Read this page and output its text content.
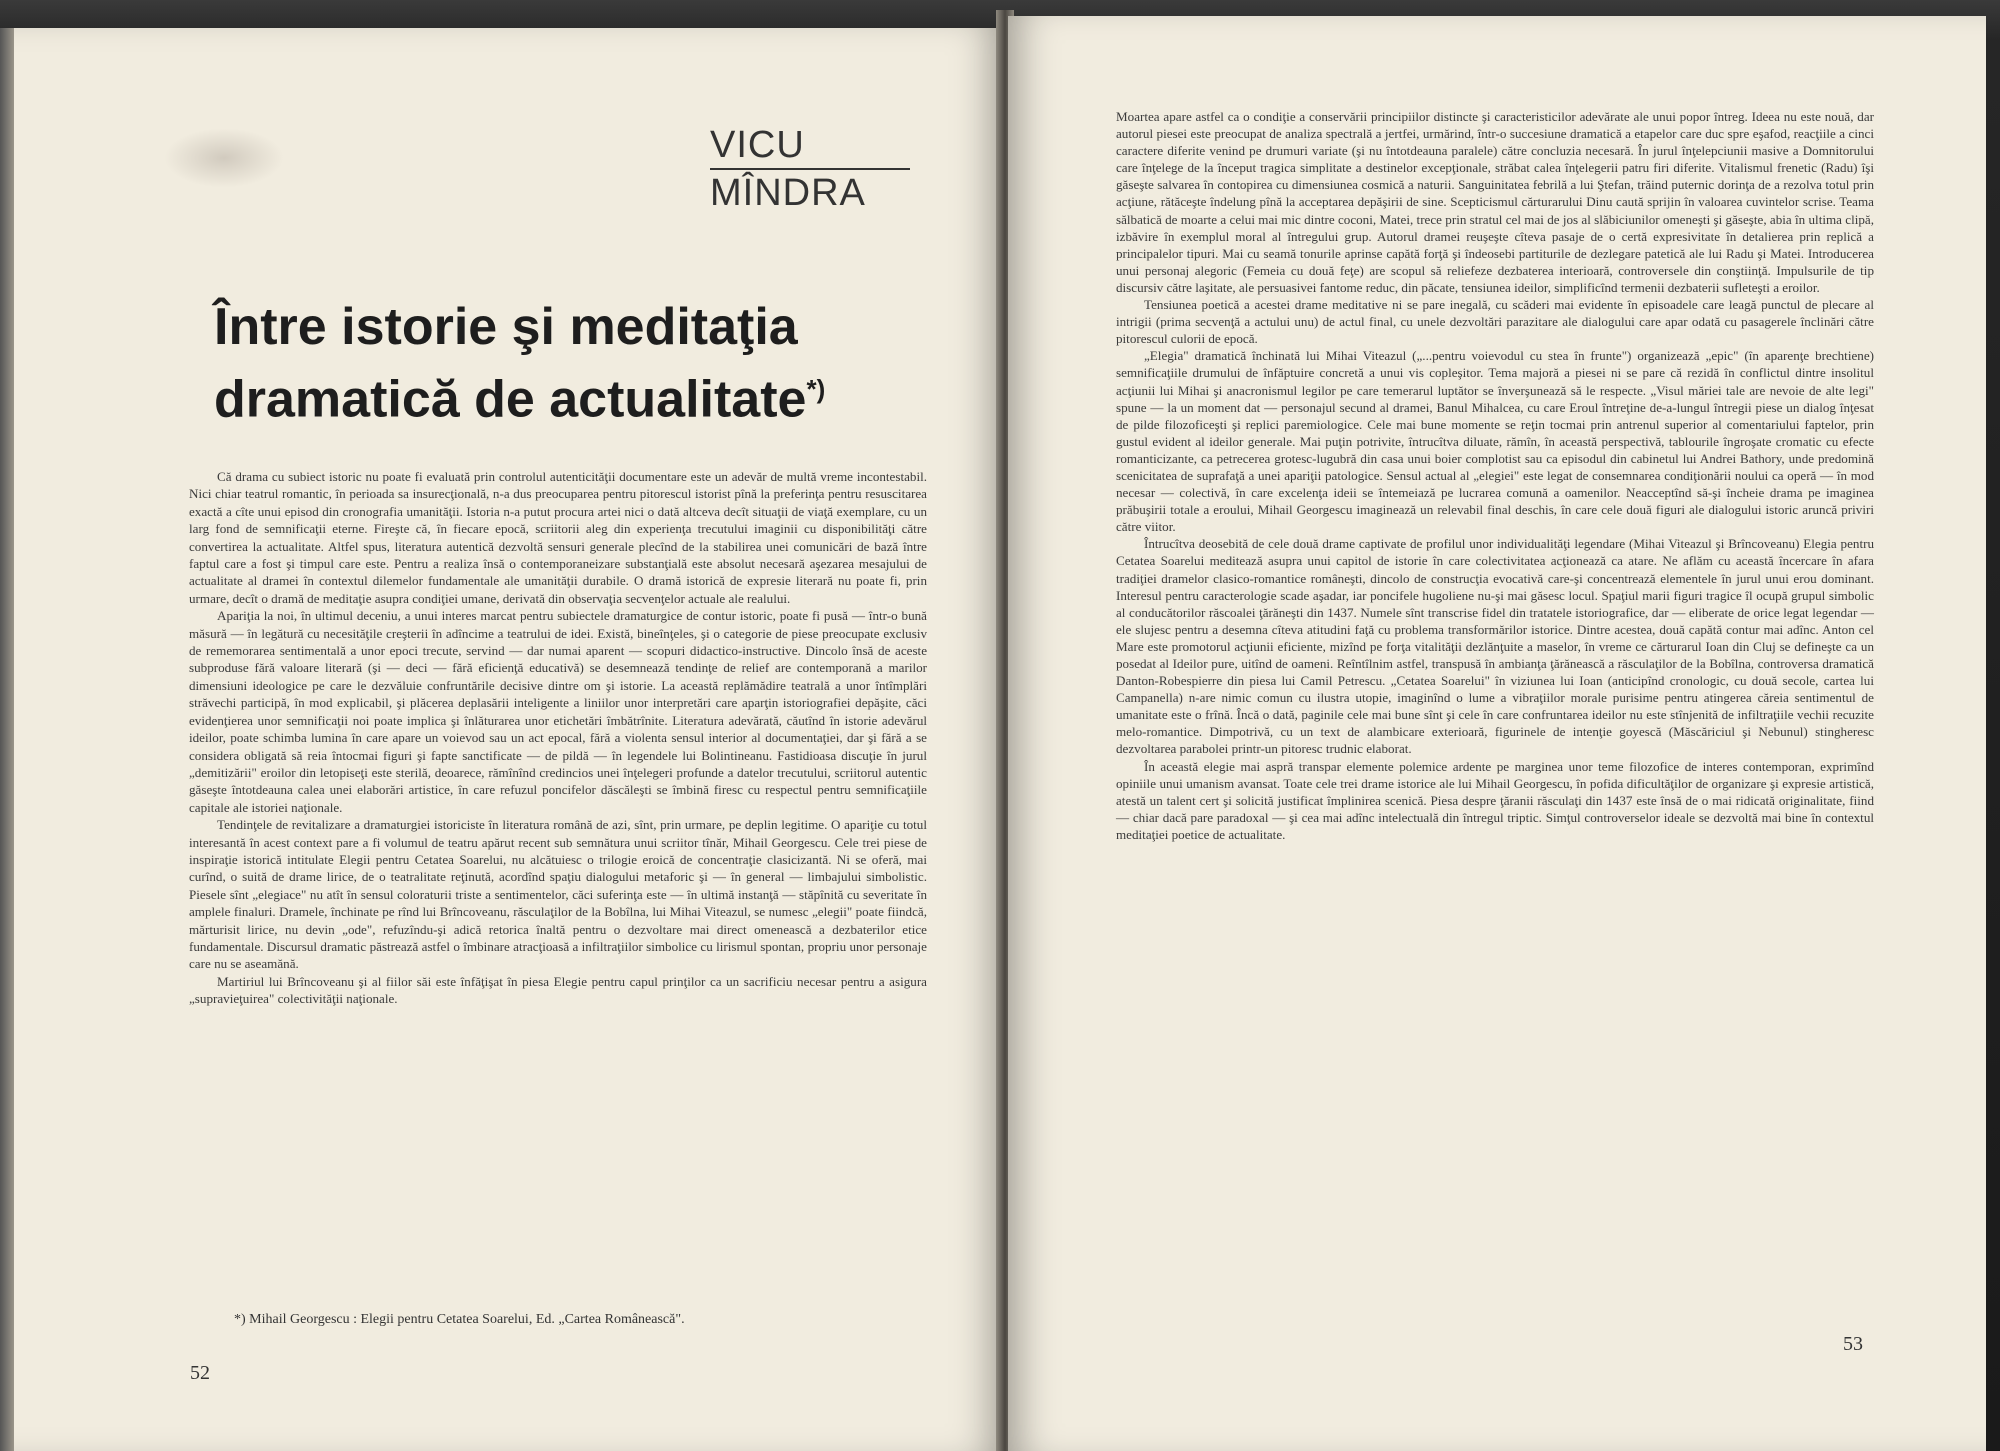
VICU
MÎNDRA
Între istorie şi meditaţia
dramatică de actualitate*)

Că drama cu subiect istoric nu poate fi evaluată prin controlul autenticităţii documentare este un adevăr de multă vreme incontestabil. Nici chiar teatrul romantic, în perioada sa insurecţională, n-a dus preocuparea pentru pitorescul istorist pînă la preferinţa pentru resuscitarea exactă a cîte unui episod din cronografia umanităţii. Istoria n-a putut procura artei nici o dată altceva decît situaţii de viaţă exemplare, cu un larg fond de semnificaţii eterne. Fireşte că, în fiecare epocă, scriitorii aleg din experienţa trecutului imaginii cu disponibilităţi către convertirea la actualitate. Altfel spus, literatura autentică dezvoltă sensuri generale plecînd de la stabilirea unei comunicări de bază între faptul care a fost şi timpul care este. Pentru a realiza însă o contemporaneizare substanţială este absolut necesară aşezarea mesajului de actualitate al dramei în contextul dilemelor fundamentale ale umanităţii durabile. O dramă istorică de expresie literară nu poate fi, prin urmare, decît o dramă de meditaţie asupra condiţiei umane, derivată din observaţia secvenţelor actuale ale realului.

Apariţia la noi, în ultimul deceniu, a unui interes marcat pentru subiectele dramaturgice de contur istoric, poate fi pusă — într-o bună măsură — în legătură cu necesităţile creşterii în adîncime a teatrului de idei. Există, bineînţeles, şi o categorie de piese preocupate exclusiv de rememorarea sentimentală a unor epoci trecute, servind — dar numai aparent — scopuri didactico-instructive. Dincolo însă de aceste subproduse fără valoare literară (şi — deci — fără eficienţă educativă) se desemnează tendinţe de relief are contemporană a marilor dimensiuni ideologice pe care le dezvăluie confruntările decisive dintre om şi istorie. La această replămădire teatrală a unor întîmplări străvechi participă, în mod explicabil, şi plăcerea deplasării inteligente a liniilor unor interpretări care aparţin istoriografiei depăşite, căci evidenţierea unor semnificaţii noi poate implica şi înlăturarea unor etichetări îmbătrînite. Literatura adevărată, căutînd în istorie adevărul ideilor, poate schimba lumina în care apare un voievod sau un act epocal, fără a violenta sensul interior al documentaţiei, dar şi fără a se considera obligată să reia întocmai figuri şi fapte sanctificate — de pildă — în legendele lui Bolintineanu. Fastidioasa discuţie în jurul „demitizării" eroilor din letopiseţi este sterilă, deoarece, rămînînd credincios unei înţelegeri profunde a datelor trecutului, scriitorul autentic găseşte întotdeauna calea unei elaborări artistice, în care refuzul poncifelor dăscăleşti se îmbină firesc cu respectul pentru semnificaţiile capitale ale istoriei naţionale.

Tendinţele de revitalizare a dramaturgiei istoriciste în literatura română de azi, sînt, prin urmare, pe deplin legitime. O apariţie cu totul interesantă în acest context pare a fi volumul de teatru apărut recent sub semnătura unui scriitor tînăr, Mihail Georgescu. Cele trei piese de inspiraţie istorică intitulate Elegii pentru Cetatea Soarelui, nu alcătuiesc o trilogie eroică de concentraţie clasicizantă. Ni se oferă, mai curînd, o suită de drame lirice, de o teatralitate reţinută, acordînd spaţiu dialogului metaforic şi — în general — limbajului simbolistic. Piesele sînt „elegiace" nu atît în sensul coloraturii triste a sentimentelor, căci suferinţa este — în ultimă instanţă — stăpînită cu severitate în amplele finaluri. Dramele, închinate pe rînd lui Brîncoveanu, răsculaţilor de la Bobîlna, lui Mihai Viteazul, se numesc „elegii" poate fiindcă, mărturisit lirice, nu devin „ode", refuzîndu-şi adică retorica înaltă pentru o dezvoltare mai direct omenească a dezbaterilor etice fundamentale. Discursul dramatic păstrează astfel o îmbinare atracţioasă a infiltraţiilor simbolice cu lirismul spontan, propriu unor personaje care nu se aseamănă.

Martiriul lui Brîncoveanu şi al fiilor săi este înfăţişat în piesa Elegie pentru capul prinţilor ca un sacrificiu necesar pentru a asigura „supravieţuirea" colectivităţii naţionale.

*) Mihail Georgescu : Elegii pentru Cetatea Soarelui, Ed. „Cartea Românească".
52

Moartea apare astfel ca o condiţie a conservării principiilor distincte şi caracteristicilor adevărate ale unui popor întreg. Ideea nu este nouă, dar autorul piesei este preocupat de analiza spectrală a jertfei, urmărind, într-o succesiune dramatică a etapelor care duc spre eşafod, reacţiile a cinci caractere diferite venind pe drumuri variate (şi nu întotdeauna paralele) către concluzia necesară. În jurul înţelepciunii masive a Domnitorului care înţelege de la început tragica simplitate a destinelor excepţionale, străbat calea înţelegerii patru firi diferite. Vitalismul frenetic (Radu) îşi găseşte salvarea în contopirea cu dimensiunea cosmică a naturii. Sanguinitatea febrilă a lui Ştefan, trăind puternic dorinţa de a rezolva totul prin acţiune, rătăceşte îndelung pînă la acceptarea depăşirii de sine. Scepticismul cărturarului Dinu caută sprijin în valoarea cuvintelor scrise. Teama sălbatică de moarte a celui mai mic dintre coconi, Matei, trece prin stratul cel mai de jos al slăbiciunilor omeneşti şi găseşte, abia în ultima clipă, izbăvire în exemplul moral al întregului grup. Autorul dramei reuşeşte cîteva pasaje de o certă expresivitate în detalierea prin replică a principalelor tipuri. Mai cu seamă tonurile aprinse capătă forţă şi îndeosebi partiturile de dezlegare patetică ale lui Radu şi Matei. Introducerea unui personaj alegoric (Femeia cu două feţe) are scopul să reliefeze dezbaterea interioară, controversele din conştiinţă. Impulsurile de tip discursiv către laşitate, ale persuasivei fantome reduc, din păcate, tensiunea ideilor, simplificînd termenii dezbaterii sufleteşti a eroilor.

Tensiunea poetică a acestei drame meditative ni se pare inegală, cu scăderi mai evidente în episoadele care leagă punctul de plecare al intrigii (prima secvenţă a actului unu) de actul final, cu unele dezvoltări parazitare ale dialogului care apar odată cu pasagerele înclinări către pitorescul culorii de epocă.

„Elegia" dramatică închinată lui Mihai Viteazul („...pentru voievodul cu stea în frunte") organizează „epic" (în aparenţe brechtiene) semnificaţiile drumului de înfăptuire concretă a unui vis copleşitor. Tema majoră a piesei ni se pare că rezidă în conflictul dintre insolitul acţiunii lui Mihai şi anacronismul legilor pe care temerarul luptător se înverşunează să le respecte. „Visul măriei tale are nevoie de alte legi" spune — la un moment dat — personajul secund al dramei, Banul Mihalcea, cu care Eroul întreţine de-a-lungul întregii piese un dialog înţesat de pilde filozoficeşti şi replici paremiologice. Cele mai bune momente se reţin tocmai prin antrenul superior al comentariului faptelor, prin gustul evident al ideilor generale. Mai puţin potrivite, întrucîtva diluate, rămîn, în această perspectivă, tablourile îngroşate cromatic cu efecte romanticizante, ca petrecerea grotesc-lugubră din casa unui boier complotist sau ca episodul din cabinetul lui Andrei Bathory, unde predomină scenicitatea de suprafaţă a unei apariţii patologice. Sensul actual al „elegiei" este legat de consemnarea condiţionării noului ca operă — în mod necesar — colectivă, în care excelenţa ideii se întemeiază pe lucrarea comună a oamenilor. Neacceptînd să-şi încheie drama pe imaginea prăbuşirii totale a eroului, Mihail Georgescu imaginează un relevabil final deschis, în care cele două figuri ale dialogului istoric aruncă priviri către viitor.

Întrucîtva deosebită de cele două drame captivate de profilul unor individualităţi legendare (Mihai Viteazul şi Brîncoveanu) Elegia pentru Cetatea Soarelui meditează asupra unui capitol de istorie în care colectivitatea acţionează ca atare. Ne aflăm cu această încercare în afara tradiţiei dramelor clasico-romantice româneşti, dincolo de construcţia evocativă care-şi concentrează elementele în jurul unui erou dominant. Interesul pentru caracterologie scade aşadar, iar poncifele hugoliene nu-şi mai găsesc locul. Spaţiul marii figuri tragice îl ocupă grupul simbolic al conducătorilor răscoalei ţărăneşti din 1437. Numele sînt transcrise fidel din tratatele istoriografice, dar — eliberate de orice legat legendar — ele slujesc pentru a desemna cîteva atitudini faţă cu problema transformărilor istorice. Dintre acestea, două capătă contur mai adînc. Anton cel Mare este promotorul acţiunii eficiente, mizînd pe forţa vitalităţii dezlănţuite a maselor, în vreme ce cărturarul Ioan din Cluj se defineşte ca un posedat al Ideilor pure, uitînd de oameni. Reîntîlnim astfel, transpusă în ambianţa ţărănească a răsculaţilor de la Bobîlna, controversa dramatică Danton-Robespierre din piesa lui Camil Petrescu. „Cetatea Soarelui" în viziunea lui Ioan (anticipînd cronologic, cu două secole, cartea lui Campanella) n-are nimic comun cu ilustra utopie, imaginînd o lume a vibraţiilor morale purisime pentru atingerea căreia sentimentul de umanitate este o frînă. Încă o dată, paginile cele mai bune sînt şi cele în care confruntarea ideilor nu este stînjenită de infiltraţiile vechii recuzite melo-romantice. Dimpotrivă, cu un text de alambicare exterioară, figurinele de intenţie goyescă (Măscăriciul şi Nebunul) stingheresc dezvoltarea parabolei printr-un pitoresc trudnic elaborat.

În această elegie mai aspră transpar elemente polemice ardente pe marginea unor teme filozofice de interes contemporan, exprimînd opiniile unui umanism avansat. Toate cele trei drame istorice ale lui Mihail Georgescu, în pofida dificultăţilor de organizare şi expresie artistică, atestă un talent cert şi solicită justificat împlinirea scenică. Piesa despre ţăranii răsculaţi din 1437 este însă de o mai ridicată originalitate, fiind — chiar dacă pare paradoxal — şi cea mai adînc intelectuală din întregul triptic. Simţul controverselor ideale se dezvoltă mai bine în contextul meditaţiei poetice de actualitate.

53
